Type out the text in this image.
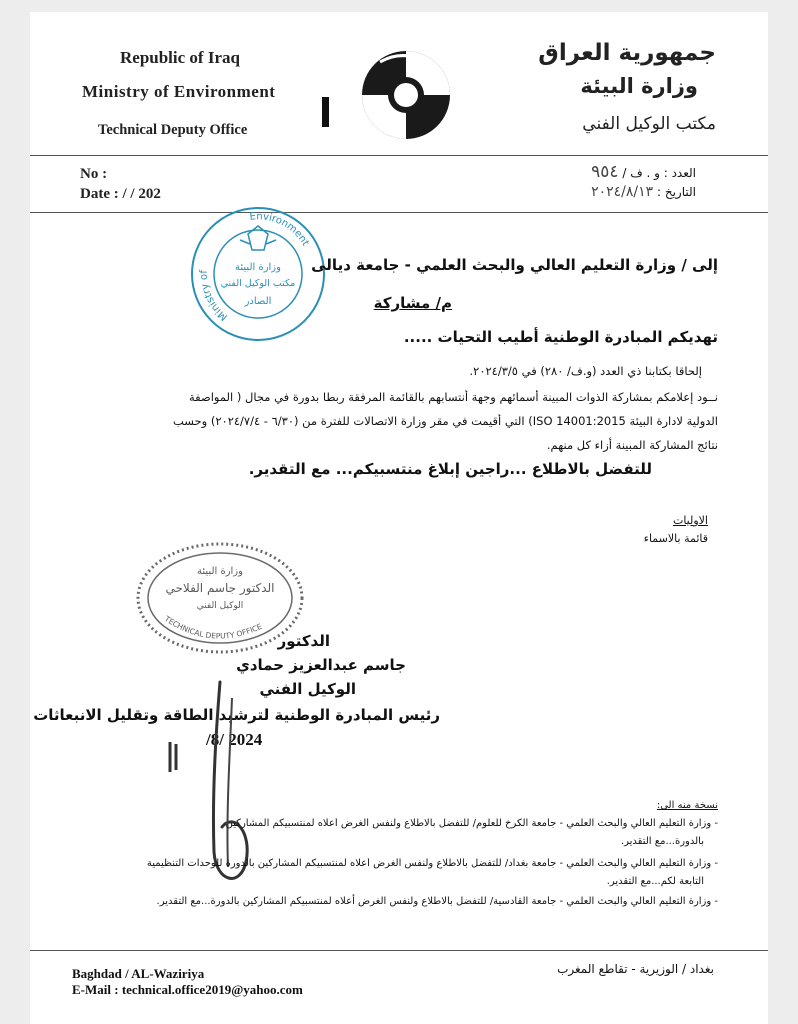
Republic of Iraq
Ministry of Environment
Technical Deputy Office
جمهورية العراق
وزارة البيئة
مكتب الوكيل الفني
No :
Date : / / 202
العدد : و . ف / ٩٥٤
التاريخ : ٢٠٢٤/٨/١٣
Ministry of
Environment
وزارة البيئة
مكتب الوكيل الفني
الصادر
إلى / وزارة التعليم العالي والبحث العلمي - جامعة ديالى
م/ مشاركة
تهديكم المبادرة الوطنية أطيب التحيات .....
إلحاقا بكتابنا ذي العدد (و.ف/ ٢٨٠) في ٢٠٢٤/٣/٥.
نــود إعلامكم بمشاركة الذوات المبينة أسمائهم وجهة أنتسابهم بالقائمة المرفقة ربطا بدورة في مجال ( المواصفة
الدولية لادارة البيئة ISO 14001:2015) التي أقيمت في مقر وزارة الاتصالات للفترة من (٦/٣٠ - ٢٠٢٤/٧/٤) وحسب
نتائج المشاركة المبينة أزاء كل منهم.
للتفضل بالاطلاع ...راجين إبلاغ منتسبيكم... مع التقدير.
الاوليات
قائمة بالاسماء
وزارة البيئة
الدكتور جاسم الفلاحي
الوكيل الفني
TECHNICAL DEPUTY OFFICE
الدكتور
جاسم عبدالعزيز حمادي
الوكيل الفني
رئيس المبادرة الوطنية لترشيد الطاقة وتقليل الانبعاثات
/8/ 2024
نسخة منه الى:
- وزارة التعليم العالي والبحث العلمي - جامعة الكرخ للعلوم/ للتفضل بالاطلاع ولنفس الغرض أعلاه لمنتسبيكم المشاركين
بالدورة...مع التقدير.
- وزارة التعليم العالي والبحث العلمي - جامعة بغداد/ للتفضل بالاطلاع ولنفس الغرض أعلاه لمنتسبيكم المشاركين بالدورة للوحدات التنظيمية
التابعة لكم...مع التقدير.
- وزارة التعليم العالي والبحث العلمي - جامعة القادسية/ للتفضل بالاطلاع ولنفس الغرض أعلاه لمنتسبيكم المشاركين بالدورة...مع التقدير.
Baghdad / AL-Waziriya
E-Mail : technical.office2019@yahoo.com
بغداد / الوزيرية - تقاطع المغرب
